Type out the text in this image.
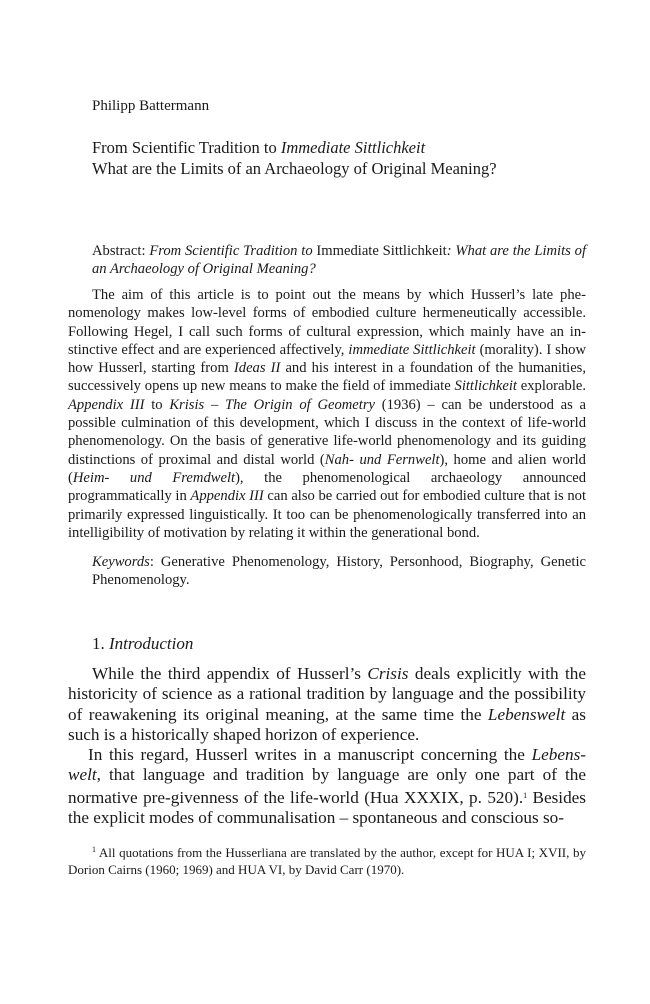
Philipp Battermann
From Scientific Tradition to Immediate Sittlichkeit
What are the Limits of an Archaeology of Original Meaning?

Abstract: From Scientific Tradition to Immediate Sittlichkeit: What are the Limits of an Archaeology of Original Meaning?

The aim of this article is to point out the means by which Husserl’s late phenomenology makes low-level forms of embodied culture hermeneutically accessible. Following Hegel, I call such forms of cultural expression, which mainly have an instinctive effect and are experienced affectively, immediate Sittlichkeit (morality). I show how Husserl, starting from Ideas II and his interest in a foundation of the humanities, successively opens up new means to make the field of immediate Sittlichkeit explorable. Appendix III to Krisis – The Origin of Geometry (1936) – can be understood as a possible culmination of this development, which I discuss in the context of life-world phenomenology. On the basis of generative life-world phenomenology and its guiding distinctions of proximal and distal world (Nah- und Fernwelt), home and alien world (Heim- und Fremdwelt), the phenomenological archaeology announced programmatically in Appendix III can also be carried out for embodied culture that is not primarily expressed linguistically. It too can be phenomenologically transferred into an intelligibility of motivation by relating it within the generational bond.

Keywords: Generative Phenomenology, History, Personhood, Biography, Genetic Phenomenology.

1. Introduction

While the third appendix of Husserl’s Crisis deals explicitly with the historicity of science as a rational tradition by language and the possibility of reawakening its original meaning, at the same time the Lebenswelt as such is a historically shaped horizon of experience.

In this regard, Husserl writes in a manuscript concerning the Lebenswelt, that language and tradition by language are only one part of the normative pre-givenness of the life-world (Hua XXXIX, p. 520).$^1$ Besides the explicit modes of communalisation – spontaneous and conscious so-

$^1$ All quotations from the Husserliana are translated by the author, except for HUA I; XVII, by Dorion Cairns (1960; 1969) and HUA VI, by David Carr (1970).
